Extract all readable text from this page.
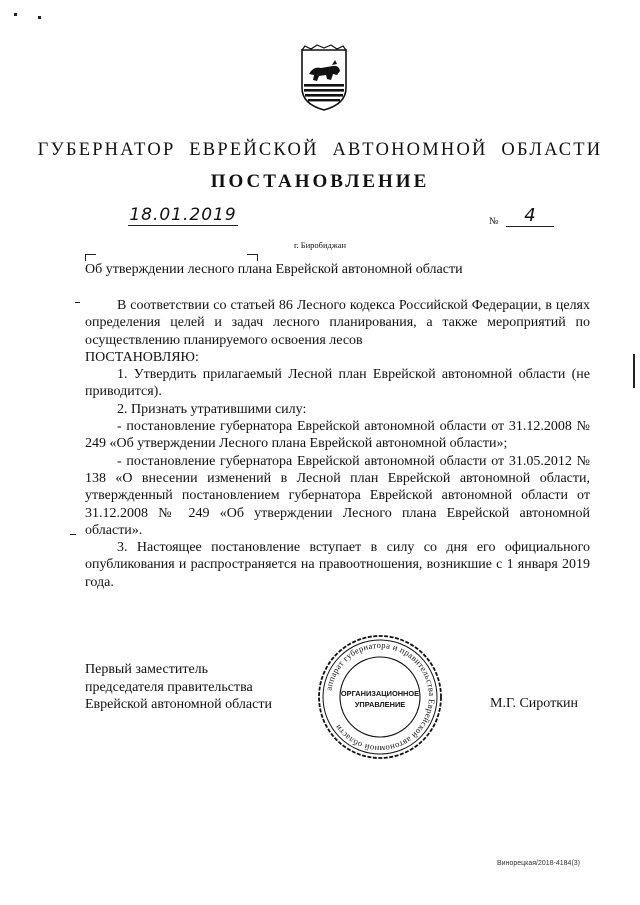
ГУБЕРНАТОР ЕВРЕЙСКОЙ АВТОНОМНОЙ ОБЛАСТИ
ПОСТАНОВЛЕНИЕ
18.01.2019	№	4
г. Биробиджан
Об утверждении лесного плана Еврейской автономной области

В соответствии со статьей 86 Лесного кодекса Российской Федерации, в целях определения целей и задач лесного планирования, а также мероприятий по осуществлению планируемого освоения лесов

ПОСТАНОВЛЯЮ:

1. Утвердить прилагаемый Лесной план Еврейской автономной области (не приводится).

2. Признать утратившими силу:

- постановление губернатора Еврейской автономной области от 31.12.2008 № 249 «Об утверждении Лесного плана Еврейской автономной области»;

- постановление губернатора Еврейской автономной области от 31.05.2012 № 138 «О внесении изменений в Лесной план Еврейской автономной области, утвержденный постановлением губернатора Еврейской автономной области от 31.12.2008 № 249 «Об утверждении Лесного плана Еврейской автономной области».

3. Настоящее постановление вступает в силу со дня его официального опубликования и распространяется на правоотношения, возникшие с 1 января 2019 года.

Первый заместитель
председателя правительства
Еврейской автономной области
аппарат губернатора и правительства Еврейской автономной области
ОРГАНИЗАЦИОННОЕ
УПРАВЛЕНИЕ	М.Г. Сироткин
Винорецкая/2018-4184(3)
